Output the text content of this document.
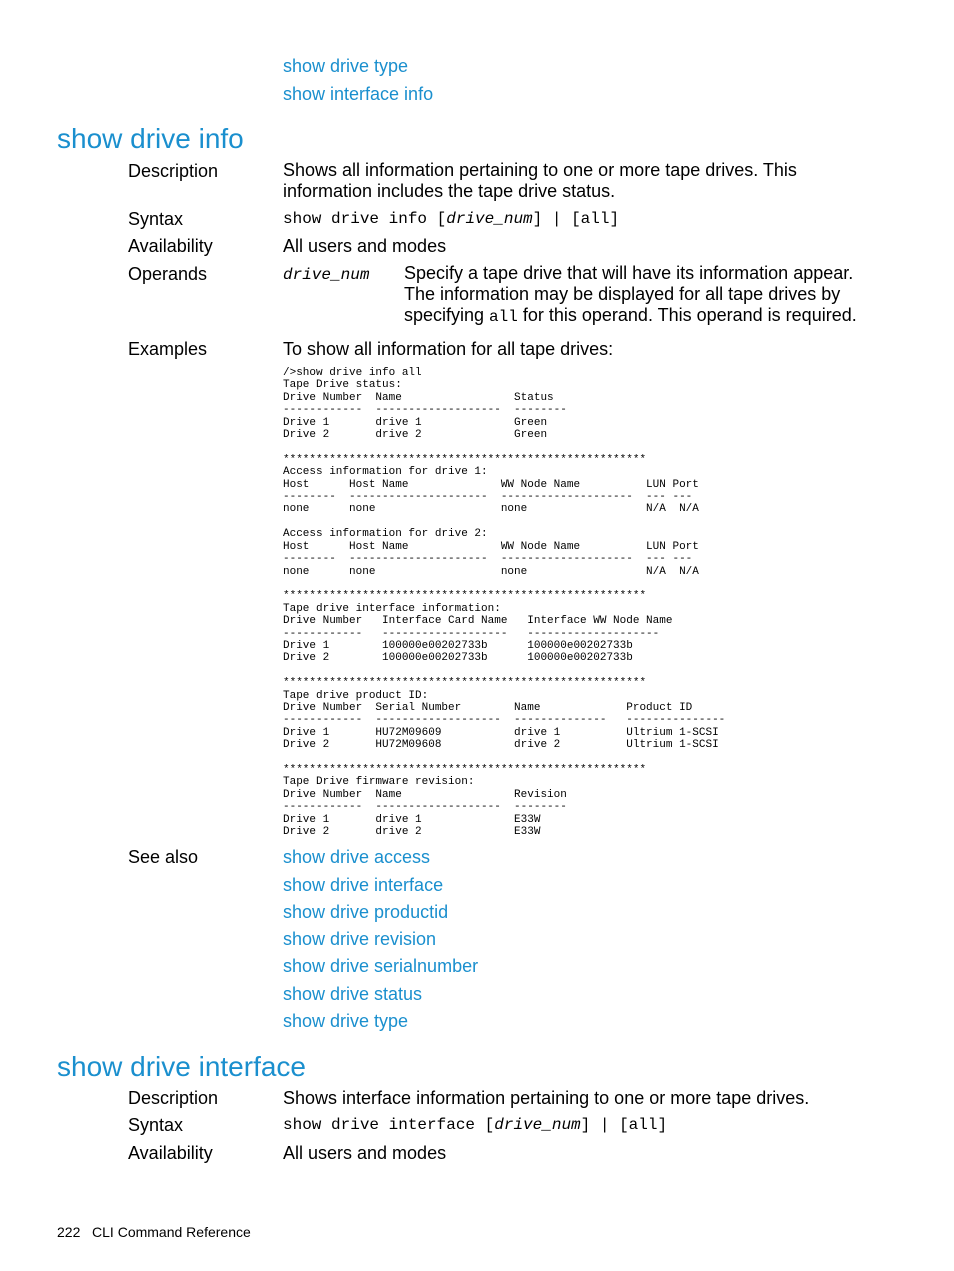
show drive type
show interface info
show drive info
Description	Shows all information pertaining to one or more tape drives. This information includes the tape drive status.
Syntax	show drive info [drive_num] | [all]
Availability	All users and modes
Operands	drive_num Specify a tape drive that will have its information appear. The information may be displayed for all tape drives by specifying all for this operand. This operand is required.
Examples	To show all information for all tape drives:
/>show drive info all
Tape Drive status:
Drive Number  Name                 Status
------------  -------------------  --------
Drive 1       drive 1              Green
Drive 2       drive 2              Green

*******************************************************
Access information for drive 1:
Host      Host Name              WW Node Name          LUN Port
--------  ---------------------  --------------------  --- ---
none      none                   none                  N/A  N/A

Access information for drive 2:
Host      Host Name              WW Node Name          LUN Port
--------  ---------------------  --------------------  --- ---
none      none                   none                  N/A  N/A

*******************************************************
Tape drive interface information:
Drive Number   Interface Card Name   Interface WW Node Name
------------   -------------------   --------------------
Drive 1        100000e00202733b      100000e00202733b
Drive 2        100000e00202733b      100000e00202733b

*******************************************************
Tape drive product ID:
Drive Number  Serial Number        Name             Product ID
------------  -------------------  --------------   ---------------
Drive 1       HU72M09609           drive 1          Ultrium 1-SCSI
Drive 2       HU72M09608           drive 2          Ultrium 1-SCSI

*******************************************************
Tape Drive firmware revision:
Drive Number  Name                 Revision
------------  -------------------  --------
Drive 1       drive 1              E33W
Drive 2       drive 2              E33W
See also	show drive access
show drive interface
show drive productid
show drive revision
show drive serialnumber
show drive status
show drive type
show drive interface
Description	Shows interface information pertaining to one or more tape drives.
Syntax	show drive interface [drive_num] | [all]
Availability	All users and modes
222 CLI Command Reference
